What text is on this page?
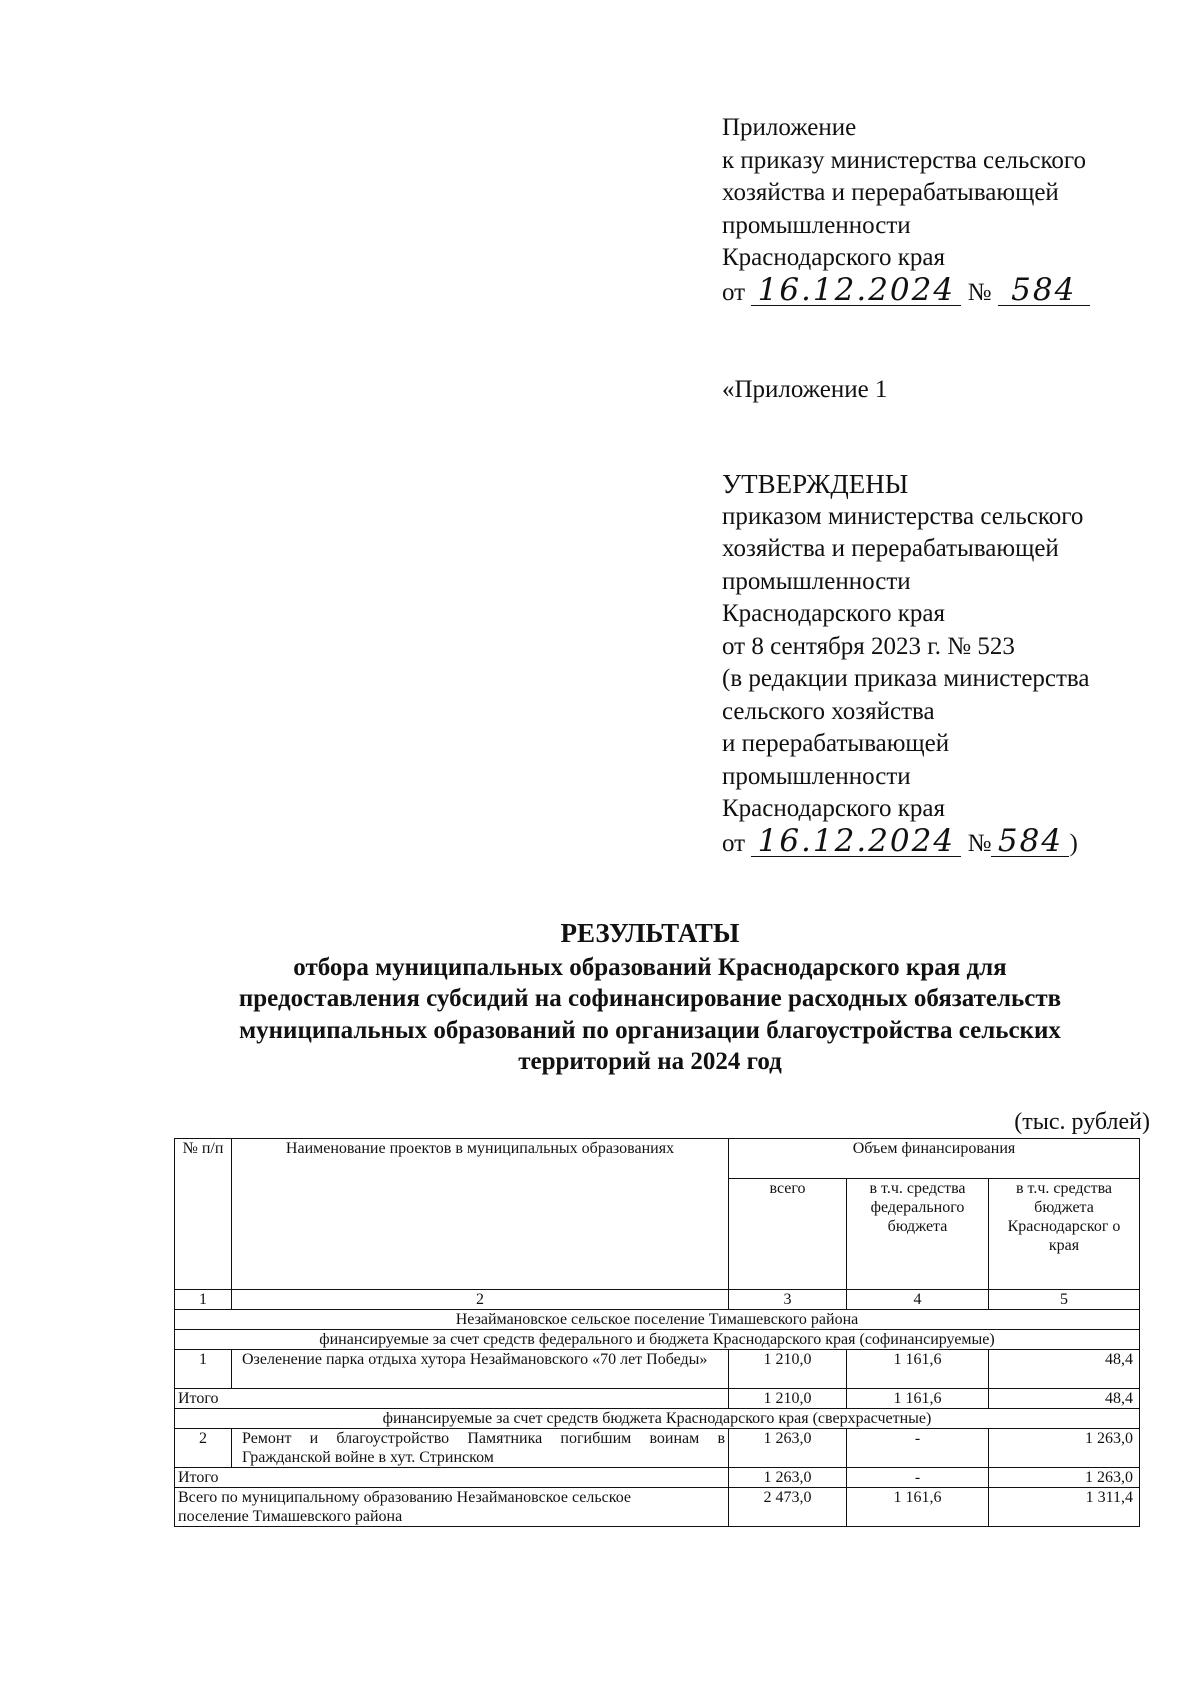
Приложение
к приказу министерства сельского
хозяйства и перерабатывающей
промышленности
Краснодарского края
от 16.12.2024 № 584
«Приложение 1
УТВЕРЖДЕНЫ
приказом министерства сельского
хозяйства и перерабатывающей
промышленности
Краснодарского края
от 8 сентября 2023 г. № 523
(в редакции приказа министерства
сельского хозяйства
и перерабатывающей
промышленности
Краснодарского края
от 16.12.2024 № 584 )
РЕЗУЛЬТАТЫ
отбора муниципальных образований Краснодарского края для
предоставления субсидий на софинансирование расходных обязательств
муниципальных образований по организации благоустройства сельских
территорий на 2024 год
(тыс. рублей)
№ п/п	Наименование проектов в муниципальных образованиях	Объем финансирования		
		всего	в т.ч. средства федерального бюджета	в т.ч. средства бюджета Краснодарског о края
1	2	3	4	5
Незаймановское сельское поселение Тимашевского района				
финансируемые за счет средств федерального и бюджета Краснодарского края (софинансируемые)				
1	Озеленение парка отдыха хутора Незаймановского «70 лет Победы»	1 210,0	1 161,6	48,4
Итого		1 210,0	1 161,6	48,4
финансируемые за счет средств бюджета Краснодарского края (сверхрасчетные)				
2	Ремонт и благоустройство Памятника погибшим воинам в Гражданской войне в хут. Стринском	1 263,0	-	1 263,0
Итого		1 263,0	-	1 263,0
Всего по муниципальному образованию Незаймановское сельское поселение Тимашевского района		2 473,0	1 161,6	1 311,4
